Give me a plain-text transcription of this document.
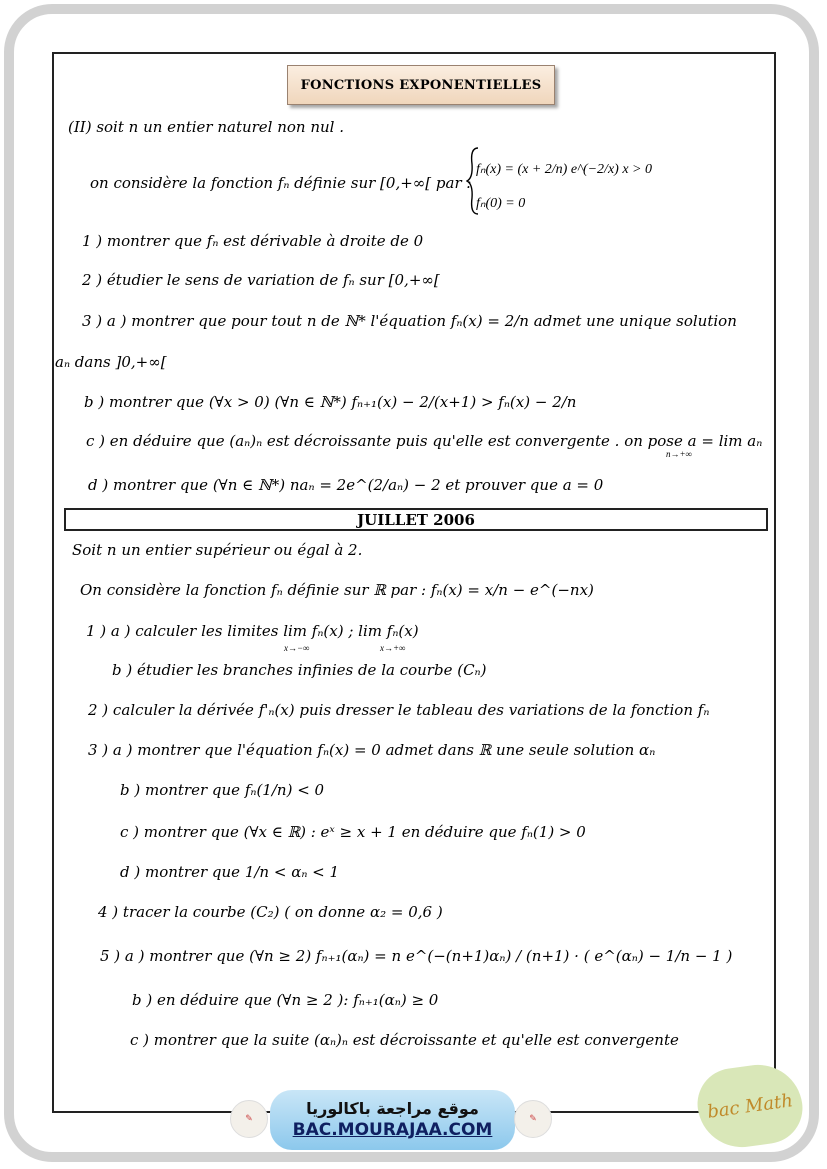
FONCTIONS EXPONENTIELLES
(II) soit n un entier naturel non nul .
on considère la fonction fₙ définie sur [0,+∞[ par :
fₙ(x) = (x + 2/n) e^(−2/x) x > 0
fₙ(0) = 0
1 ) montrer que fₙ est dérivable à droite de 0
2 ) étudier le sens de variation de fₙ sur [0,+∞[
3 ) a ) montrer que pour tout n de ℕ* l'équation fₙ(x) = 2/n admet une unique solution
aₙ dans ]0,+∞[
b ) montrer que (∀x > 0) (∀n ∈ ℕ*) fₙ₊₁(x) − 2/(x+1) > fₙ(x) − 2/n
c ) en déduire que (aₙ)ₙ est décroissante puis qu'elle est convergente . on pose a = lim aₙ
n→+∞
d ) montrer que (∀n ∈ ℕ*) naₙ = 2e^(2/aₙ) − 2 et prouver que a = 0
JUILLET 2006
Soit n un entier supérieur ou égal à 2.
On considère la fonction fₙ définie sur ℝ par : fₙ(x) = x/n − e^(−nx)
1 ) a ) calculer les limites lim fₙ(x) ; lim fₙ(x)
x→−∞	x→+∞
b ) étudier les branches infinies de la courbe (Cₙ)
2 ) calculer la dérivée f'ₙ(x) puis dresser le tableau des variations de la fonction fₙ
3 ) a ) montrer que l'équation fₙ(x) = 0 admet dans ℝ une seule solution αₙ
b ) montrer que fₙ(1/n) < 0
c ) montrer que (∀x ∈ ℝ) : eˣ ≥ x + 1 en déduire que fₙ(1) > 0
d ) montrer que 1/n < αₙ < 1
4 ) tracer la courbe (C₂) ( on donne α₂ = 0,6 )
5 ) a ) montrer que (∀n ≥ 2) fₙ₊₁(αₙ) = n e^(−(n+1)αₙ) / (n+1) · ( e^(αₙ) − 1/n − 1 )
b ) en déduire que (∀n ≥ 2 ): fₙ₊₁(αₙ) ≥ 0
c ) montrer que la suite (αₙ)ₙ est décroissante et qu'elle est convergente
✎
موقع مراجعة باكالوريا
BAC.MOURAJAA.COM
✎	bac Math
